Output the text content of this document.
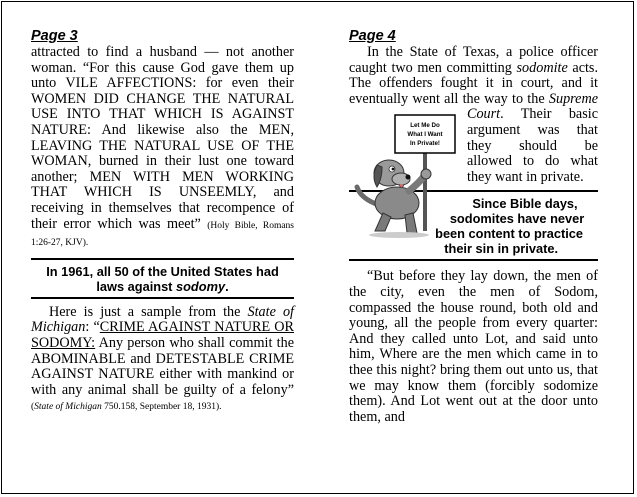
Page 3

attracted to find a husband — not another woman. “For this cause God gave them up unto VILE AFFECTIONS: for even their WOMEN DID CHANGE THE NATURAL USE INTO THAT WHICH IS AGAINST NATURE: And likewise also the MEN, LEAVING THE NATURAL USE OF THE WOMAN, burned in their lust one toward another; MEN WITH MEN WORKING THAT WHICH IS UNSEEMLY, and receiving in themselves that recompence of their error which was meet” (Holy Bible, Romans 1:26-27, KJV).

In 1961, all 50 of the United States had laws against sodomy.

Here is just a sample from the State of Michigan: “CRIME AGAINST NATURE OR SODOMY: Any person who shall commit the ABOMINABLE and DETESTABLE CRIME AGAINST NATURE either with mankind or with any animal shall be guilty of a felony” (State of Michigan 750.158, September 18, 1931).

Page 4

In the State of Texas, a police officer caught two men committing sodomite acts. The offenders fought it in court, and it eventually went all the way to the
Let Me Do
What I Want
In Private!
Supreme Court. Their basic argument was that they should be allowed to do what they want in private.

Since Bible days, sodomites have never been content to practice their sin in private.

“But before they lay down, the men of the city, even the men of Sodom, compassed the house round, both old and young, all the people from every quarter: And they called unto Lot, and said unto him, Where are the men which came in to thee this night? bring them out unto us, that we may know them (forcibly sodomize them). And Lot went out at the door unto them, and
